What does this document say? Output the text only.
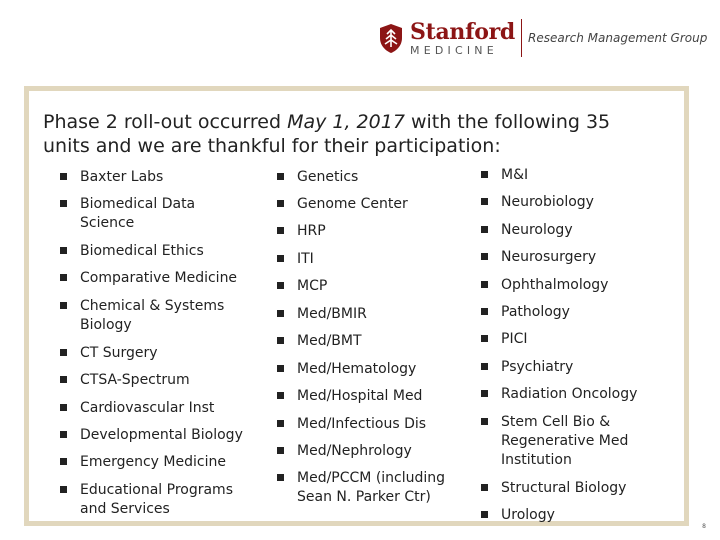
Stanford
MEDICINE
Research Management Group
Phase 2 roll-out occurred May 1, 2017 with the following 35 units and we are thankful for their participation:
Baxter Labs
Biomedical Data Science
Biomedical Ethics
Comparative Medicine
Chemical & Systems Biology
CT Surgery
CTSA-Spectrum
Cardiovascular Inst
Developmental Biology
Emergency Medicine
Educational Programs and Services
Genetics
Genome Center
HRP
ITI
MCP
Med/BMIR
Med/BMT
Med/Hematology
Med/Hospital Med
Med/Infectious Dis
Med/Nephrology
Med/PCCM (including Sean N. Parker Ctr)
M&I
Neurobiology
Neurology
Neurosurgery
Ophthalmology
Pathology
PICI
Psychiatry
Radiation Oncology
Stem Cell Bio & Regenerative Med Institution
Structural Biology
Urology
8
